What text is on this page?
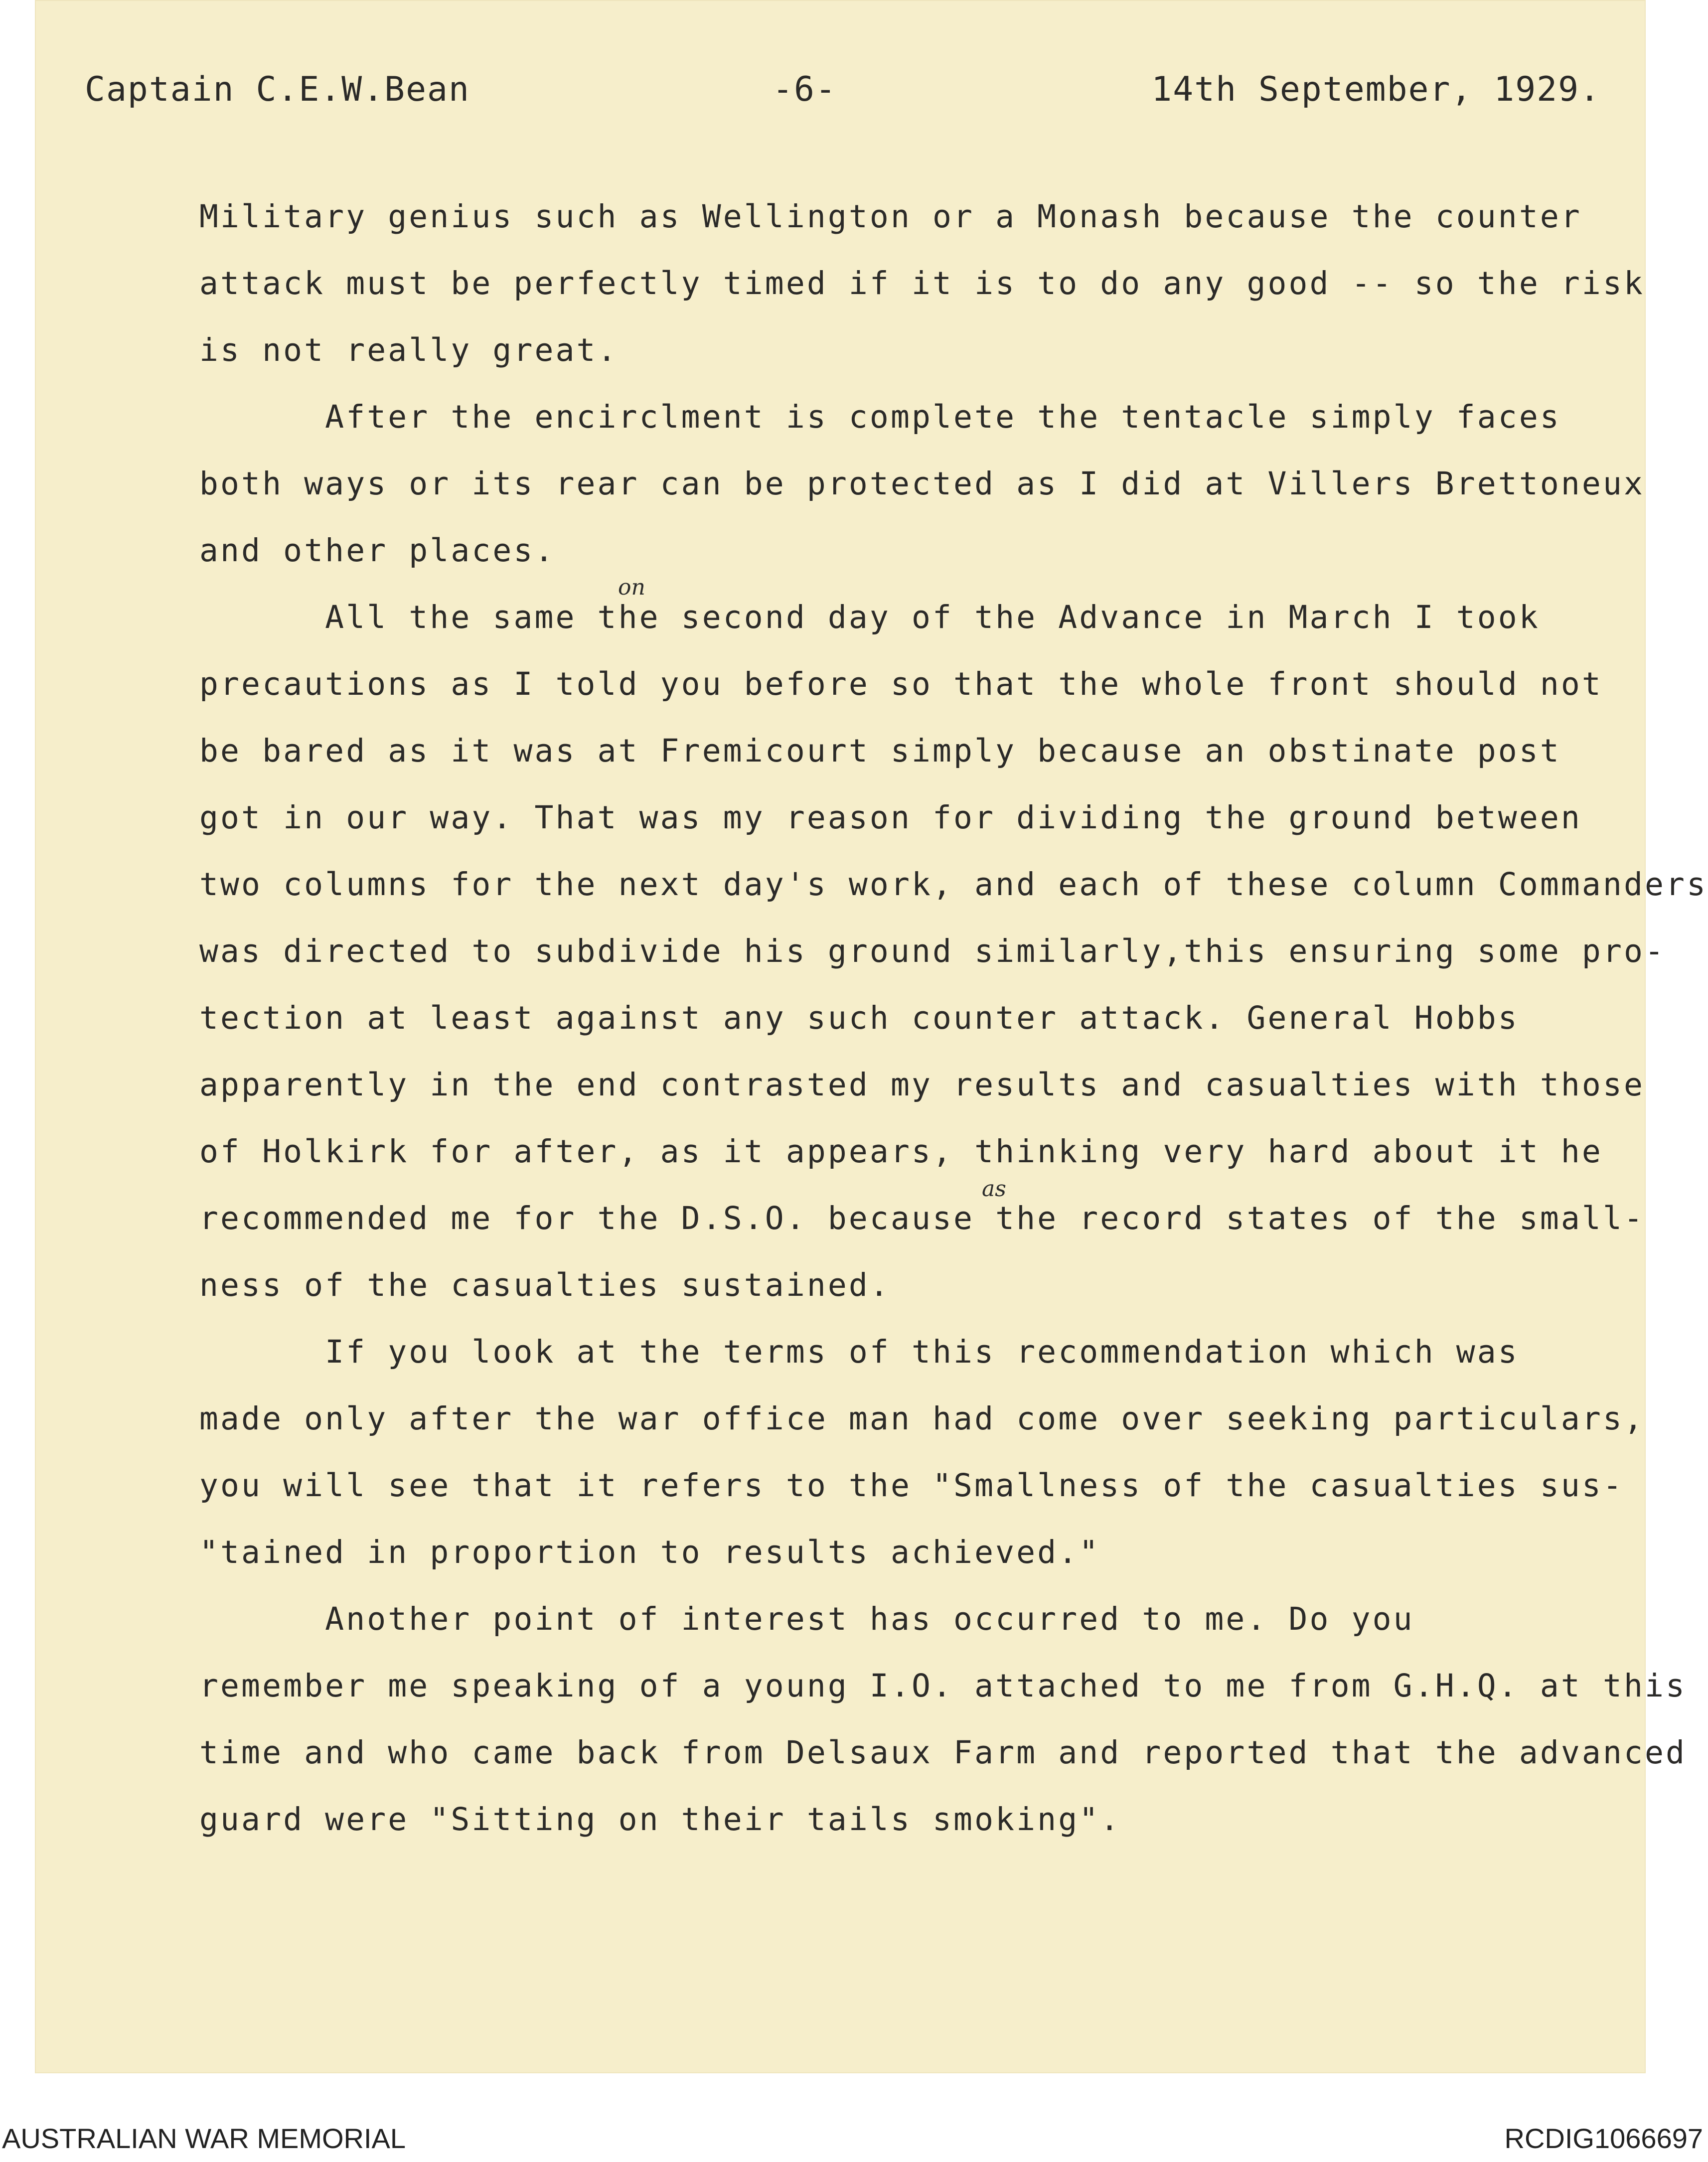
Captain C.E.W.Bean	-6-	14th September, 1929.
Military genius such as Wellington or a Monash because the counter
attack must be perfectly timed if it is to do any good -- so the risk
is not really great.
After the encirclment is complete the tentacle simply faces
both ways or its rear can be protected as I did at Villers Brettoneux
and other places.
All the same the second day of the Advance in March I took
precautions as I told you before so that the whole front should not
be bared as it was at Fremicourt simply because an obstinate post
got in our way. That was my reason for dividing the ground between
two columns for the next day's work, and each of these column Commanders
was directed to subdivide his ground similarly,this ensuring some pro-
tection at least against any such counter attack. General Hobbs
apparently in the end contrasted my results and casualties with those
of Holkirk for after, as it appears, thinking very hard about it he
recommended me for the D.S.O. because the record states of the small-
ness of the casualties sustained.
If you look at the terms of this recommendation which was
made only after the war office man had come over seeking particulars,
you will see that it refers to the "Smallness of the casualties sus-
"tained in proportion to results achieved."
Another point of interest has occurred to me. Do you
remember me speaking of a young I.O. attached to me from G.H.Q. at this
time and who came back from Delsaux Farm and reported that the advanced
guard were "Sitting on their tails smoking".
on
as
AUSTRALIAN WAR MEMORIAL	RCDIG1066697
